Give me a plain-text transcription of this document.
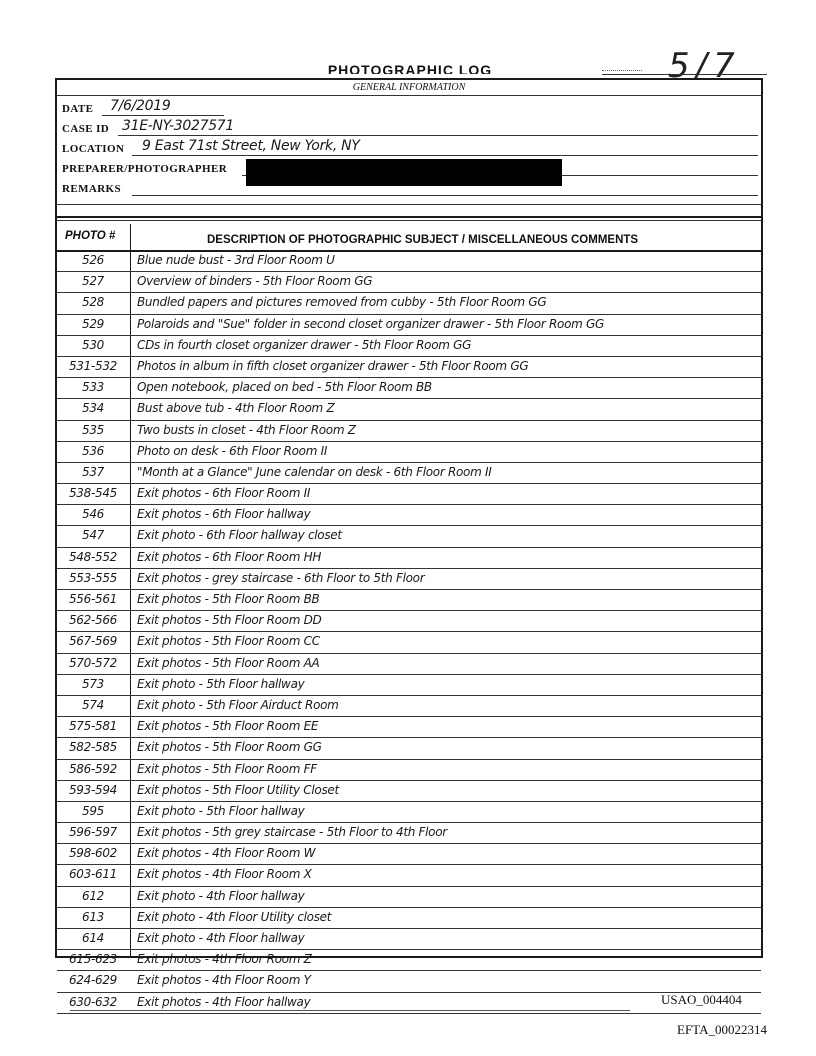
5/7
PHOTOGRAPHIC LOG
GENERAL INFORMATION
DATE 7/6/2019
CASE ID 31E-NY-3027571
LOCATION 9 East 71st Street, New York, NY
PREPARER/PHOTOGRAPHER
REMARKS
PHOTO #	DESCRIPTION OF PHOTOGRAPHIC SUBJECT / MISCELLANEOUS COMMENTS
526	Blue nude bust - 3rd Floor Room U
527	Overview of binders - 5th Floor Room GG
528	Bundled papers and pictures removed from cubby - 5th Floor Room GG
529	Polaroids and "Sue" folder in second closet organizer drawer - 5th Floor Room GG
530	CDs in fourth closet organizer drawer - 5th Floor Room GG
531-532	Photos in album in fifth closet organizer drawer - 5th Floor Room GG
533	Open notebook, placed on bed - 5th Floor Room BB
534	Bust above tub - 4th Floor Room Z
535	Two busts in closet - 4th Floor Room Z
536	Photo on desk - 6th Floor Room II
537	"Month at a Glance" June calendar on desk - 6th Floor Room II
538-545	Exit photos - 6th Floor Room II
546	Exit photos - 6th Floor hallway
547	Exit photo - 6th Floor hallway closet
548-552	Exit photos - 6th Floor Room HH
553-555	Exit photos - grey staircase - 6th Floor to 5th Floor
556-561	Exit photos - 5th Floor Room BB
562-566	Exit photos - 5th Floor Room DD
567-569	Exit photos - 5th Floor Room CC
570-572	Exit photos - 5th Floor Room AA
573	Exit photo - 5th Floor hallway
574	Exit photo - 5th Floor Airduct Room
575-581	Exit photos - 5th Floor Room EE
582-585	Exit photos - 5th Floor Room GG
586-592	Exit photos - 5th Floor Room FF
593-594	Exit photos - 5th Floor Utility Closet
595	Exit photo - 5th Floor hallway
596-597	Exit photos - 5th grey staircase - 5th Floor to 4th Floor
598-602	Exit photos - 4th Floor Room W
603-611	Exit photos - 4th Floor Room X
612	Exit photo - 4th Floor hallway
613	Exit photo - 4th Floor Utility closet
614	Exit photo - 4th Floor hallway
615-623	Exit photos - 4th Floor Room Z
624-629	Exit photos - 4th Floor Room Y
630-632	Exit photos - 4th Floor hallway	USAO_004404
EFTA_00022314
